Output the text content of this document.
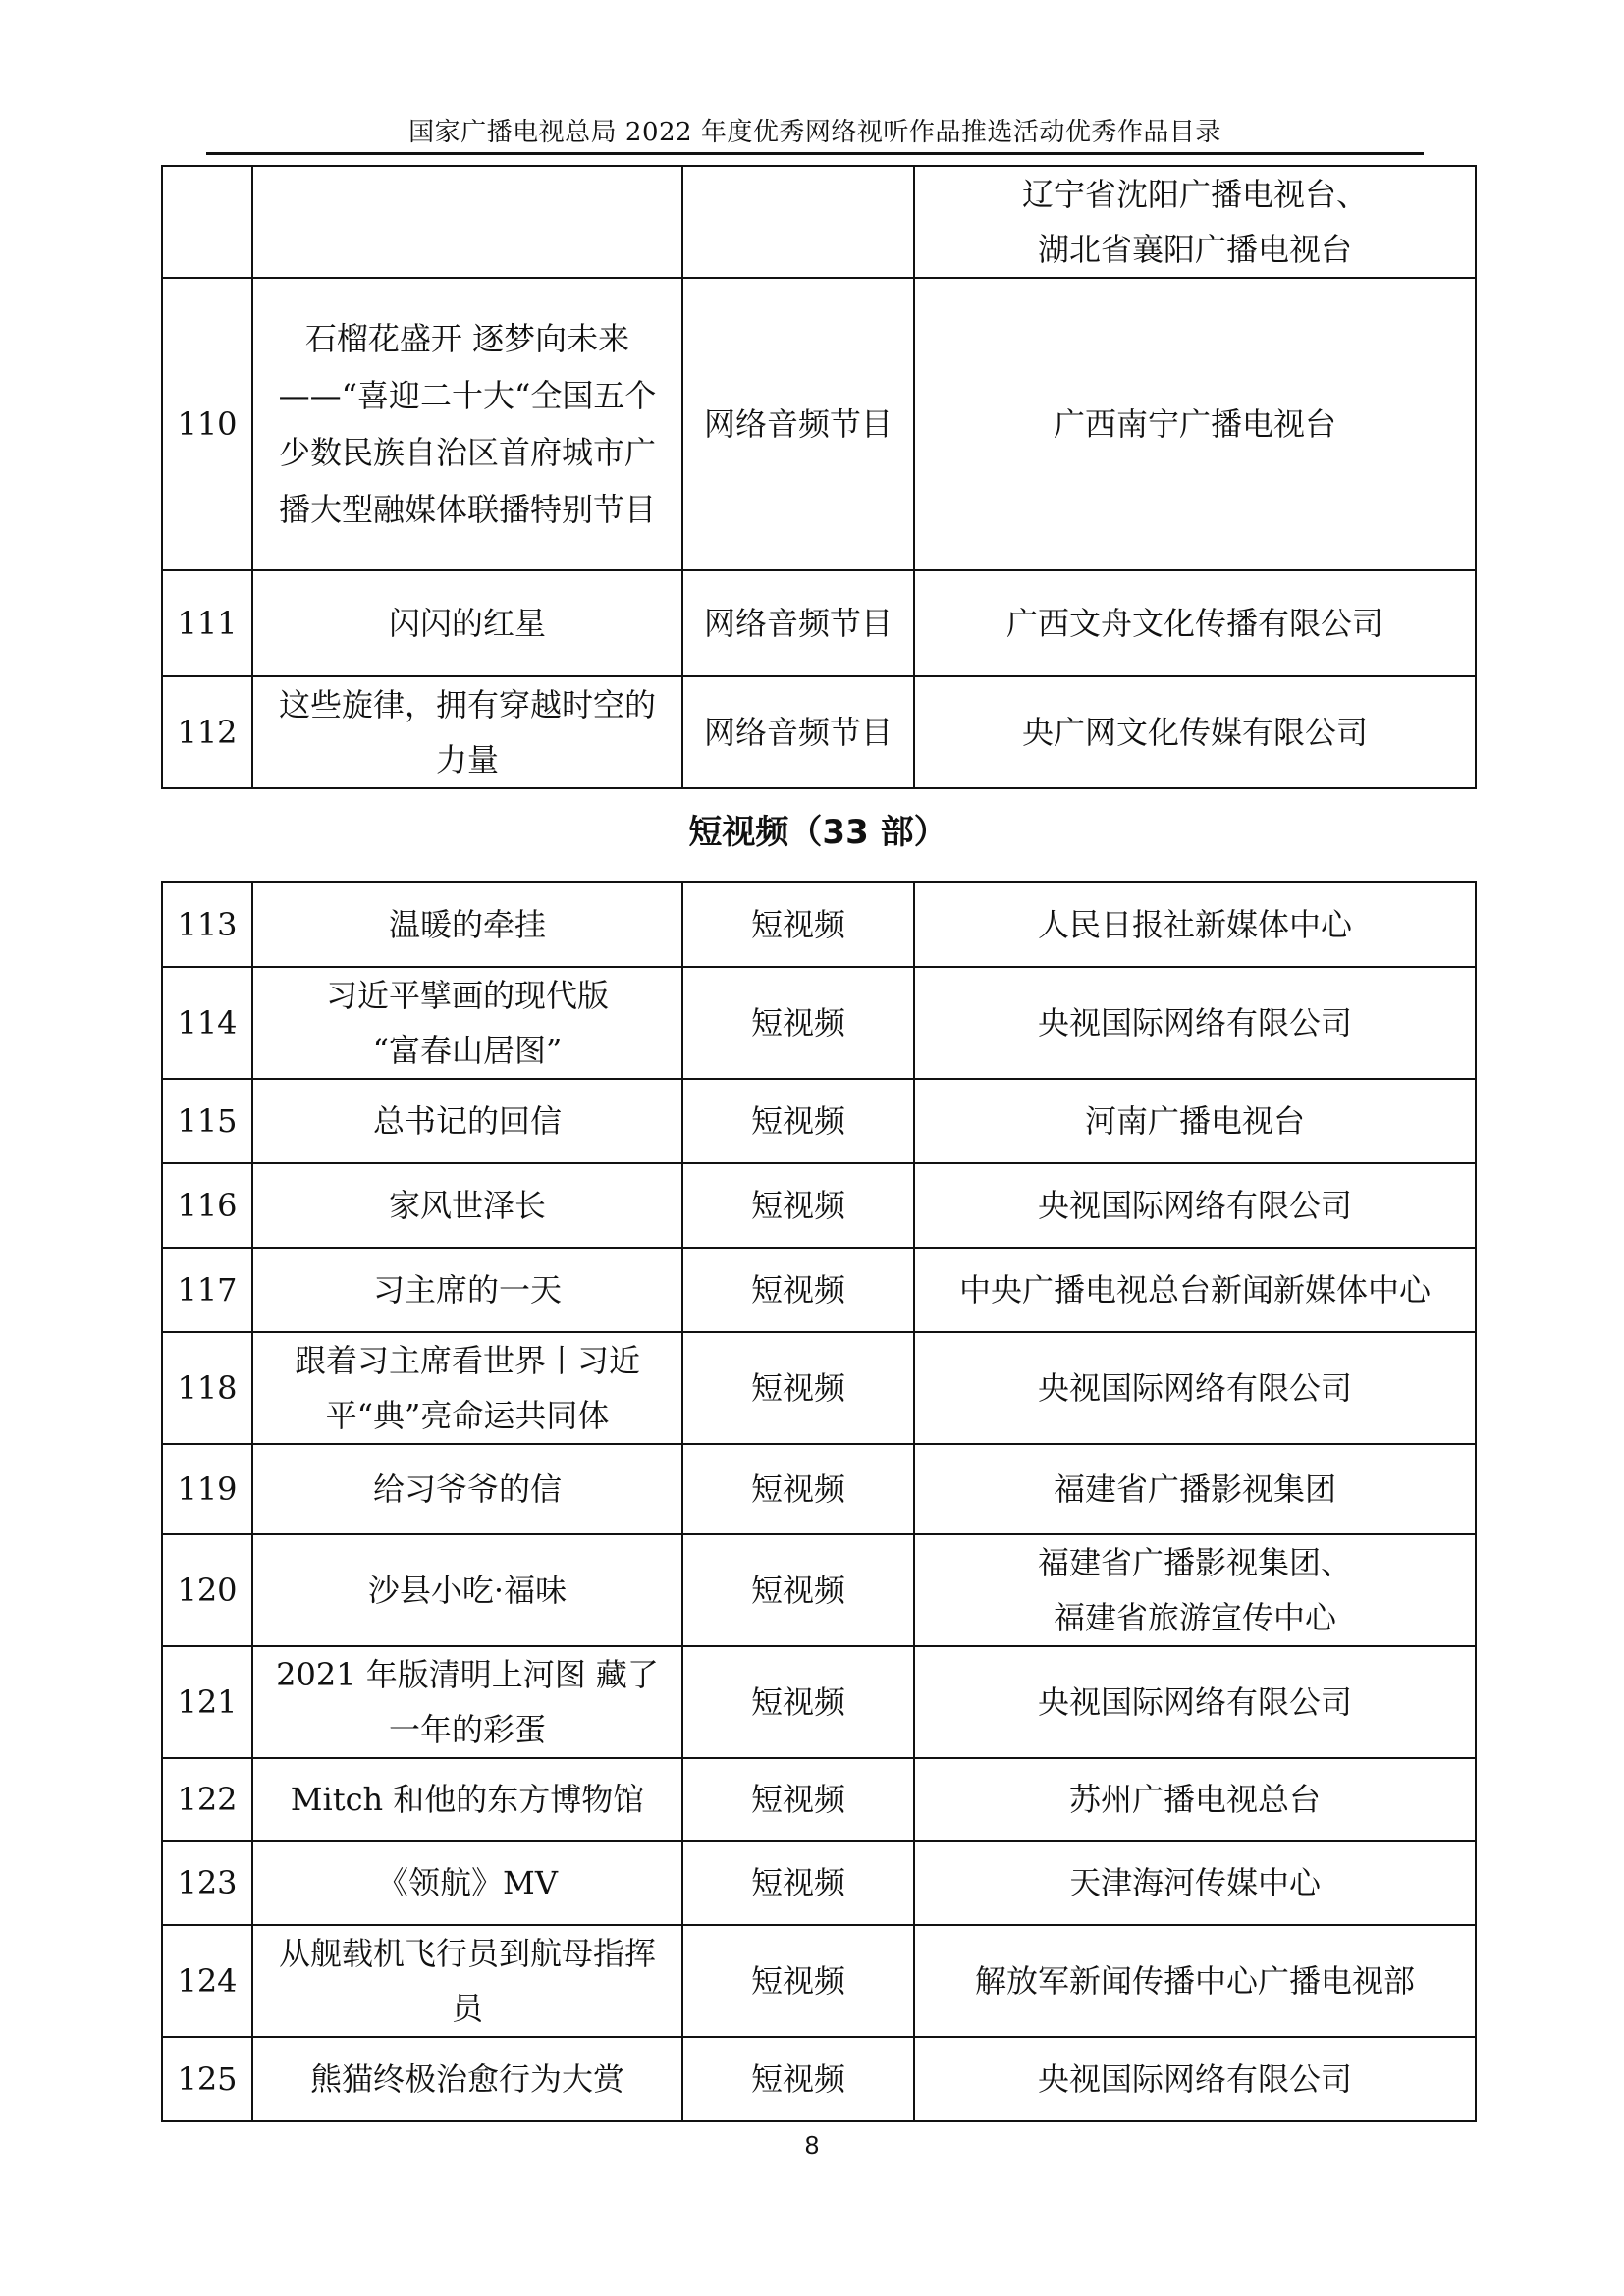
国家广播电视总局 2022 年度优秀网络视听作品推选活动优秀作品目录
			辽宁省沈阳广播电视台、
湖北省襄阳广播电视台
110	石榴花盛开 逐梦向未来——“喜迎二十大“全国五个少数民族自治区首府城市广播大型融媒体联播特别节目	网络音频节目	广西南宁广播电视台
111	闪闪的红星	网络音频节目	广西文舟文化传播有限公司
112	这些旋律，拥有穿越时空的力量	网络音频节目	央广网文化传媒有限公司
短视频（33 部）
113	温暖的牵挂	短视频	人民日报社新媒体中心
114	习近平擘画的现代版
“富春山居图”	短视频	央视国际网络有限公司
115	总书记的回信	短视频	河南广播电视台
116	家风世泽长	短视频	央视国际网络有限公司
117	习主席的一天	短视频	中央广播电视总台新闻新媒体中心
118	跟着习主席看世界丨习近平“典”亮命运共同体	短视频	央视国际网络有限公司
119	给习爷爷的信	短视频	福建省广播影视集团
120	沙县小吃·福味	短视频	福建省广播影视集团、
福建省旅游宣传中心
121	2021 年版清明上河图 藏了一年的彩蛋	短视频	央视国际网络有限公司
122	Mitch 和他的东方博物馆	短视频	苏州广播电视总台
123	《领航》MV	短视频	天津海河传媒中心
124	从舰载机飞行员到航母指挥员	短视频	解放军新闻传播中心广播电视部
125	熊猫终极治愈行为大赏	短视频	央视国际网络有限公司
8
